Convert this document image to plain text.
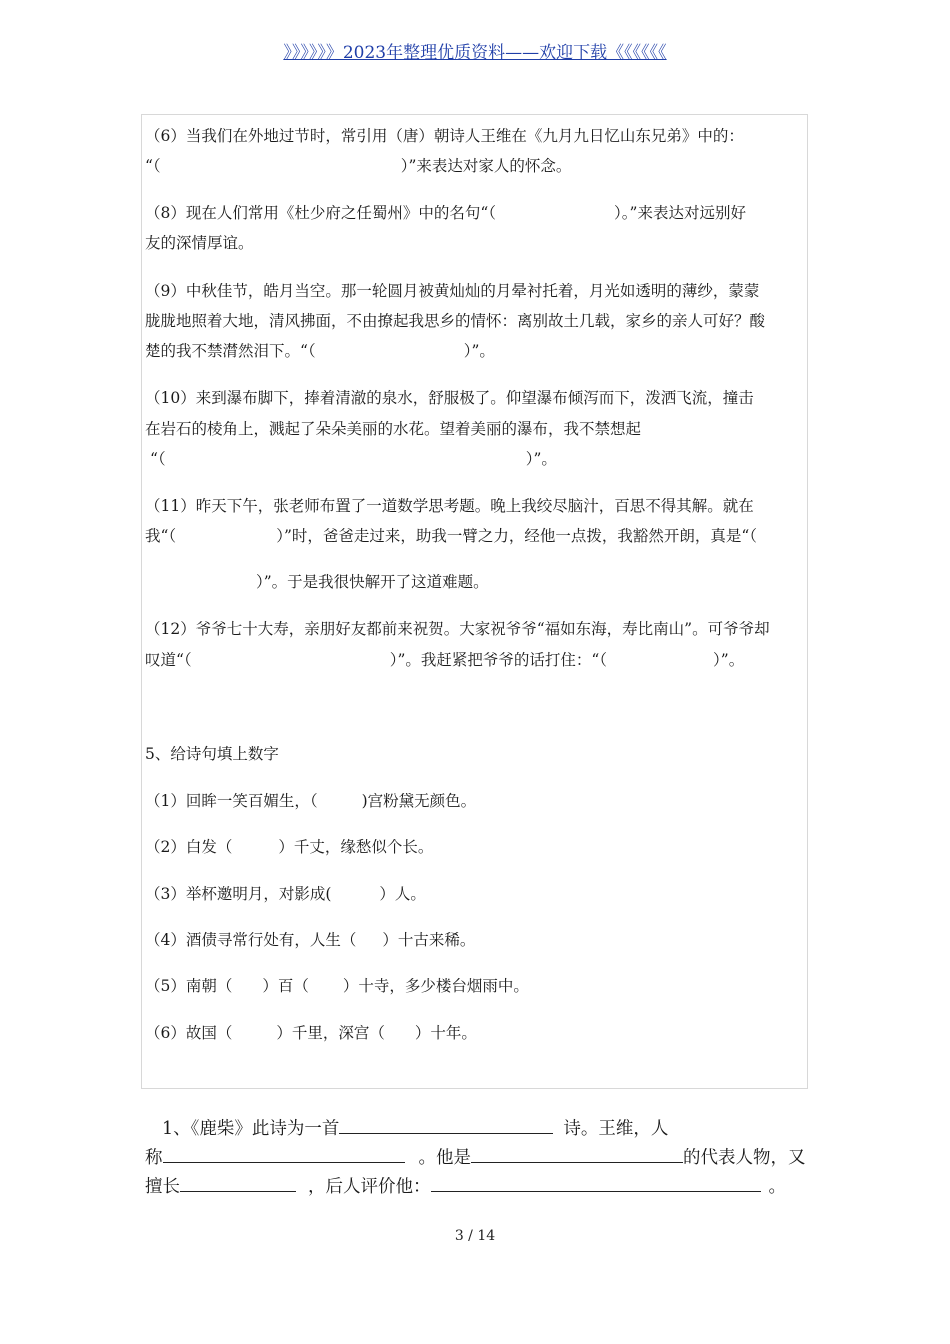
》》》》》》2023年整理优质资料——欢迎下载《《《《《《
（6）当我们在外地过节时，常引用（唐）朝诗人王维在《九月九日忆山东兄弟》中的：
“（	）”来表达对家人的怀念。
（8）现在人们常用《杜少府之任蜀州》中的名句“（	）。”来表达对远别好
友的深情厚谊。
（9）中秋佳节，皓月当空。那一轮圆月被黄灿灿的月晕衬托着，月光如透明的薄纱，蒙蒙
胧胧地照着大地，清风拂面，不由撩起我思乡的情怀：离别故土几载，家乡的亲人可好？酸
楚的我不禁潸然泪下。“（	）”。
（10）来到瀑布脚下，捧着清澈的泉水，舒服极了。仰望瀑布倾泻而下，泼洒飞流，撞击
在岩石的棱角上，溅起了朵朵美丽的水花。望着美丽的瀑布，我不禁想起
“（	）”。
（11）昨天下午，张老师布置了一道数学思考题。晚上我绞尽脑汁，百思不得其解。就在
我“（	）”时，爸爸走过来，助我一臂之力，经他一点拨，我豁然开朗，真是“（
）”。于是我很快解开了这道难题。
（12）爷爷七十大寿，亲朋好友都前来祝贺。大家祝爷爷“福如东海，寿比南山”。可爷爷却
叹道“（	）”。我赶紧把爷爷的话打住：“（	）”。
5、给诗句填上数字
（1）回眸一笑百媚生，（	)宫粉黛无颜色。
（2）白发（	）千丈，缘愁似个长。
（3）举杯邀明月，对影成(	）人。
（4）酒债寻常行处有，人生（ ）十古来稀。
（5）南朝（ ）百（ ）十寺，多少楼台烟雨中。
（6）故国（	）千里，深宫（ ）十年。
1、《鹿柴》此诗为一首	诗。王维，人
称	。他是	的代表人物，又
擅长	，后人评价他：	。
3 / 14
